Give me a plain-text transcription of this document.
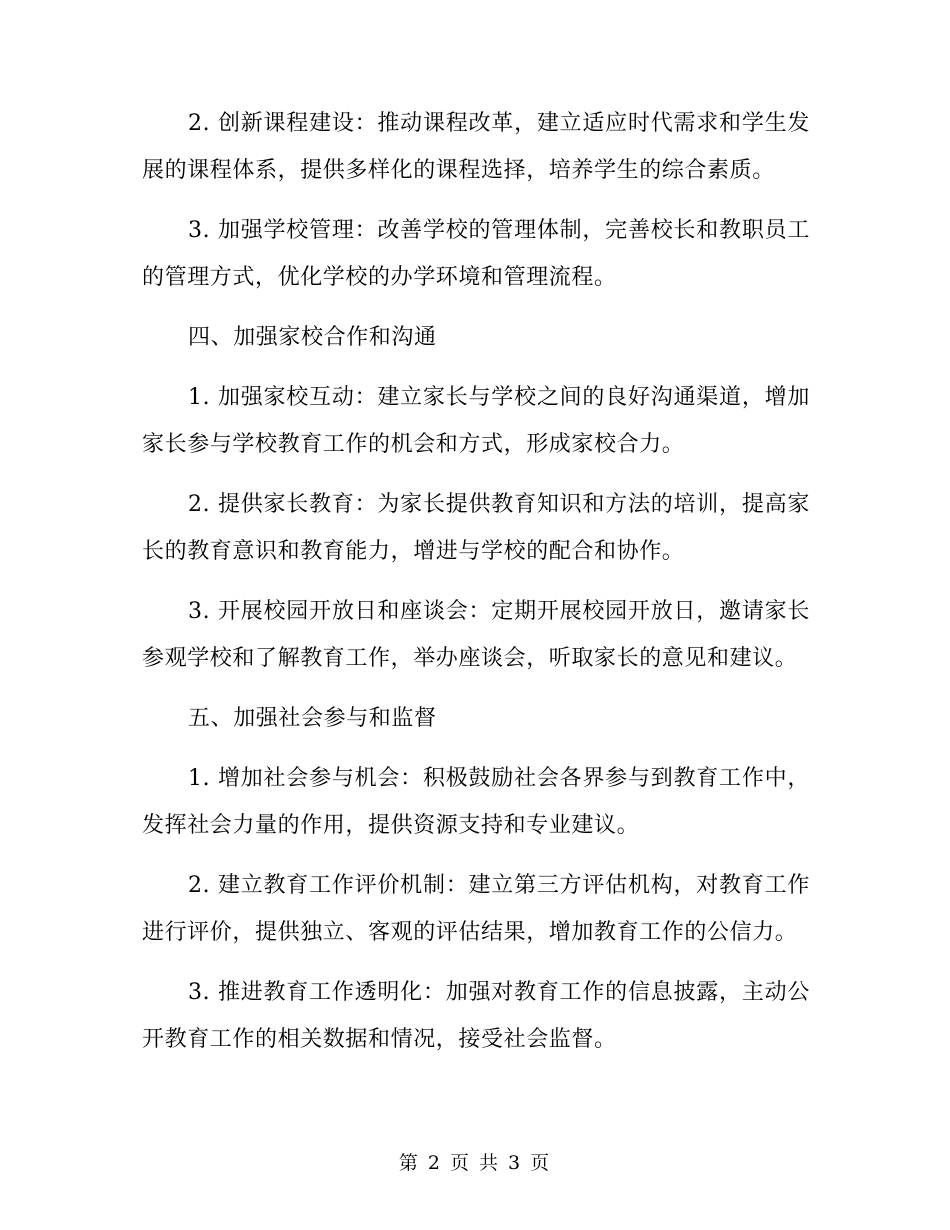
2. 创新课程建设：推动课程改革，建立适应时代需求和学生发展的课程体系，提供多样化的课程选择，培养学生的综合素质。

3. 加强学校管理：改善学校的管理体制，完善校长和教职员工的管理方式，优化学校的办学环境和管理流程。

四、加强家校合作和沟通

1. 加强家校互动：建立家长与学校之间的良好沟通渠道，增加家长参与学校教育工作的机会和方式，形成家校合力。

2. 提供家长教育：为家长提供教育知识和方法的培训，提高家长的教育意识和教育能力，增进与学校的配合和协作。

3. 开展校园开放日和座谈会：定期开展校园开放日，邀请家长参观学校和了解教育工作，举办座谈会，听取家长的意见和建议。

五、加强社会参与和监督

1. 增加社会参与机会：积极鼓励社会各界参与到教育工作中，发挥社会力量的作用，提供资源支持和专业建议。

2. 建立教育工作评价机制：建立第三方评估机构，对教育工作进行评价，提供独立、客观的评估结果，增加教育工作的公信力。

3. 推进教育工作透明化：加强对教育工作的信息披露，主动公开教育工作的相关数据和情况，接受社会监督。

第 2 页 共 3 页
